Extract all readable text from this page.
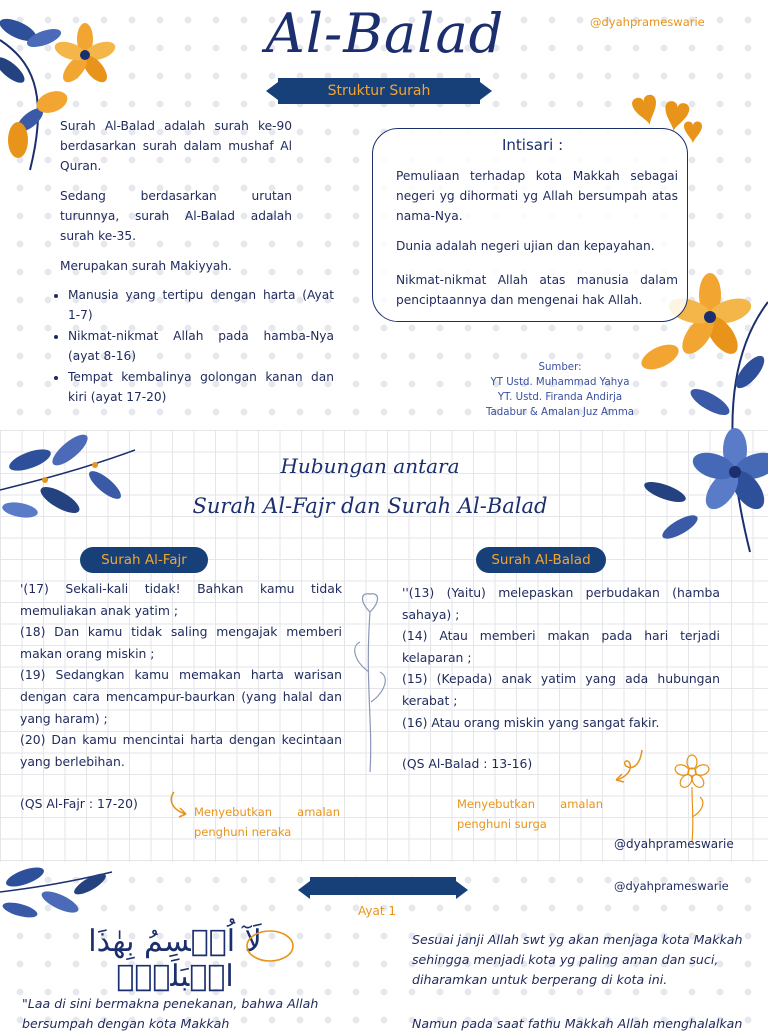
Al-Balad	@dyahprameswarie
Struktur Surah

Surah Al-Balad adalah surah ke-90 berdasarkan surah dalam mushaf Al Quran.

Sedang berdasarkan urutan turunnya, surah Al-Balad adalah surah ke-35.

Merupakan surah Makiyyah.

• Manusia yang tertipu dengan harta (Ayat 1-7)
• Nikmat-nikmat Allah pada hamba-Nya (ayat 8-16)
• Tempat kembalinya golongan kanan dan kiri (ayat 17-20)
Intisari :

Pemuliaan terhadap kota Makkah sebagai negeri yg dihormati yg Allah bersumpah atas nama-Nya.

Dunia adalah negeri ujian dan kepayahan.

Nikmat-nikmat Allah atas manusia dalam penciptaannya dan mengenai hak Allah.

Sumber:
YT Ustd. Muhammad Yahya
YT. Ustd. Firanda Andirja
Tadabur & Amalan Juz Amma
Hubungan antara
Surah Al-Fajr dan Surah Al-Balad
Surah Al-Fajr
'(17) Sekali-kali tidak! Bahkan kamu tidak memuliakan anak yatim ;
(18) Dan kamu tidak saling mengajak memberi makan orang miskin ;
(19) Sedangkan kamu memakan harta warisan dengan cara mencampur-baurkan (yang halal dan yang haram) ;
(20) Dan kamu mencintai harta dengan kecintaan yang berlebihan.
(QS Al-Fajr : 17-20)
Menyebutkan amalan penghuni neraka
Surah Al-Balad
''(13) (Yaitu) melepaskan perbudakan (hamba sahaya) ;
(14) Atau memberi makan pada hari terjadi kelaparan ;
(15) (Kepada) anak yatim yang ada hubungan kerabat ;
(16) Atau orang miskin yang sangat fakir.
(QS Al-Balad : 13-16)
Menyebutkan amalan penghuni surga
@dyahprameswarie
@dyahprameswarie
Ayat 1
لَآ اُقۡسِمُ بِهٰذَا الۡبَلَدِۙ
Sesuai janji Allah swt yg akan menjaga kota Makkah sehingga menjadi kota yg paling aman dan suci, diharamkan untuk berperang di kota ini.
Namun pada saat fathu Makkah Allah menghalalkan
"Laa di sini bermakna penekanan, bahwa Allah bersumpah dengan kota Makkah
